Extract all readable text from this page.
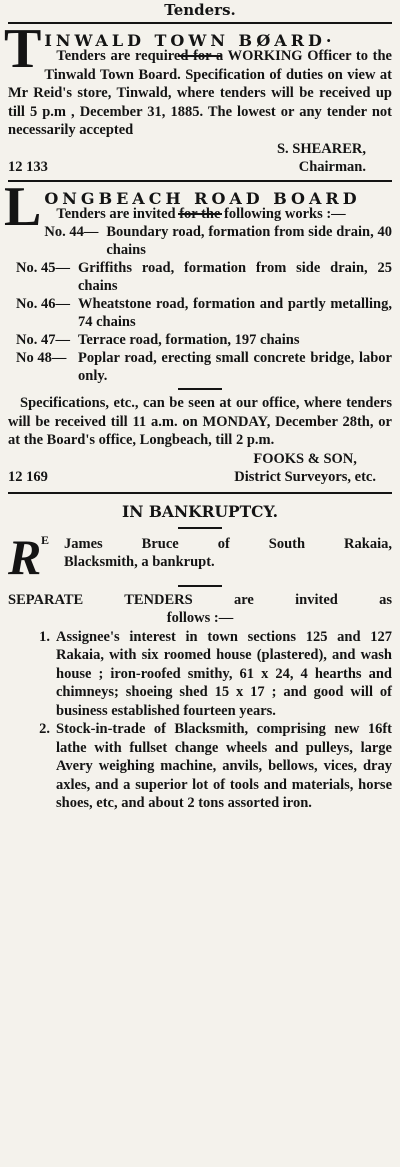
Tenders.
T INWALD TOWN BO̸ARD·

Tenders are required for a WORKING Officer to the Tinwald Town Board. Specification of duties on view at Mr Reid's store, Tinwald, where tenders will be received up till 5 p.m , December 31, 1885. The lowest or any tender not necessarily accepted

12 133
S. SHEARER,
Chairman.
L ONGBEACH ROAD BOARD

Tenders are invited for the following works :—

No. 44— Boundary road, formation from side drain, 40 chains
No. 45— Griffiths road, formation from side drain, 25 chains
No. 46— Wheatstone road, formation and partly metalling, 74 chains
No. 47— Terrace road, formation, 197 chains
No 48— Poplar road, erecting small concrete bridge, labor only.

Specifications, etc., can be seen at our office, where tenders will be received till 11 a.m. on MONDAY, December 28th, or at the Board's office, Longbeach, till 2 p.m.

12 169
FOOKS & SON,
District Surveyors, etc.
IN BANKRUPTCY.
R E James Bruce of South Rakaia,
Blacksmith, a bankrupt.
SEPARATE TENDERS are invited as
follows :—
1. Assignee's interest in town sections 125 and 127 Rakaia, with six roomed house (plastered), and wash house ; iron-roofed smithy, 61 x 24, 4 hearths and chimneys; shoeing shed 15 x 17 ; and good will of business established fourteen years.
2. Stock-in-trade of Blacksmith, comprising new 16ft lathe with fullset change wheels and pulleys, large Avery weighing machine, anvils, bellows, vices, dray axles, and a superior lot of tools and materials, horse shoes, etc, and about 2 tons assorted iron.
